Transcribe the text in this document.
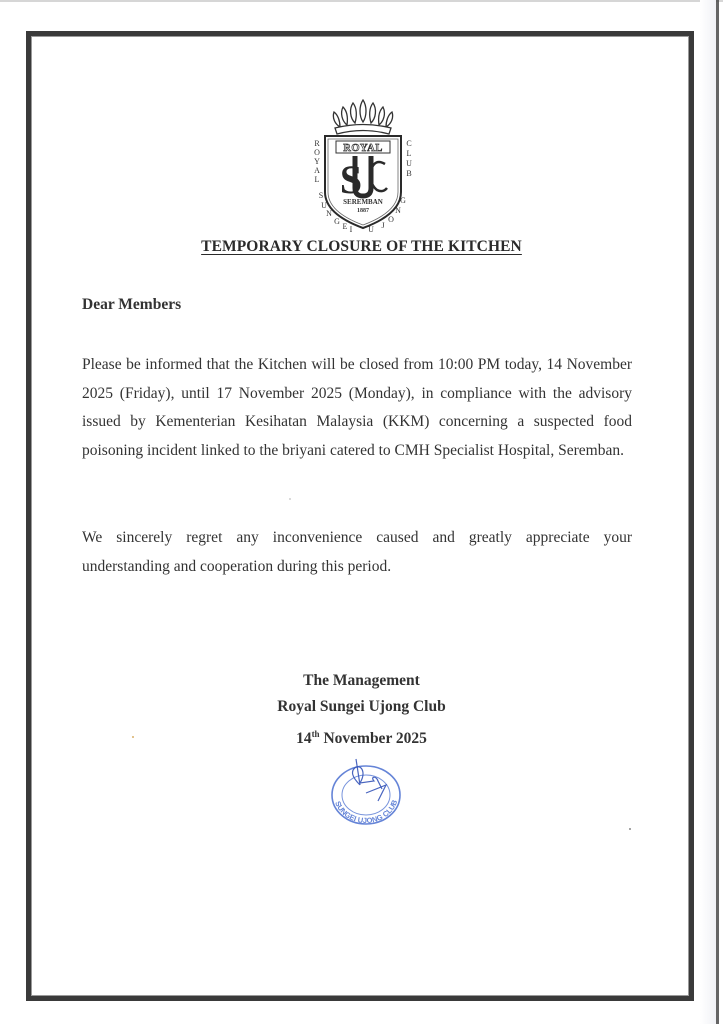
ROYAL
S
SEREMBAN
1887
R
O
Y
A
L
C
L
U
B
S
U
N
G
E I U J
O
N
G
TEMPORARY CLOSURE OF THE KITCHEN
Dear Members
Please be informed that the Kitchen will be closed from 10:00 PM today, 14 November 2025 (Friday), until 17 November 2025 (Monday), in compliance with the advisory issued by Kementerian Kesihatan Malaysia (KKM) concerning a suspected food poisoning incident linked to the briyani catered to CMH Specialist Hospital, Seremban.
We sincerely regret any inconvenience caused and greatly appreciate your understanding and cooperation during this period.
The Management
Royal Sungei Ujong Club
14th November 2025
SUNGEI UJONG CLUB
